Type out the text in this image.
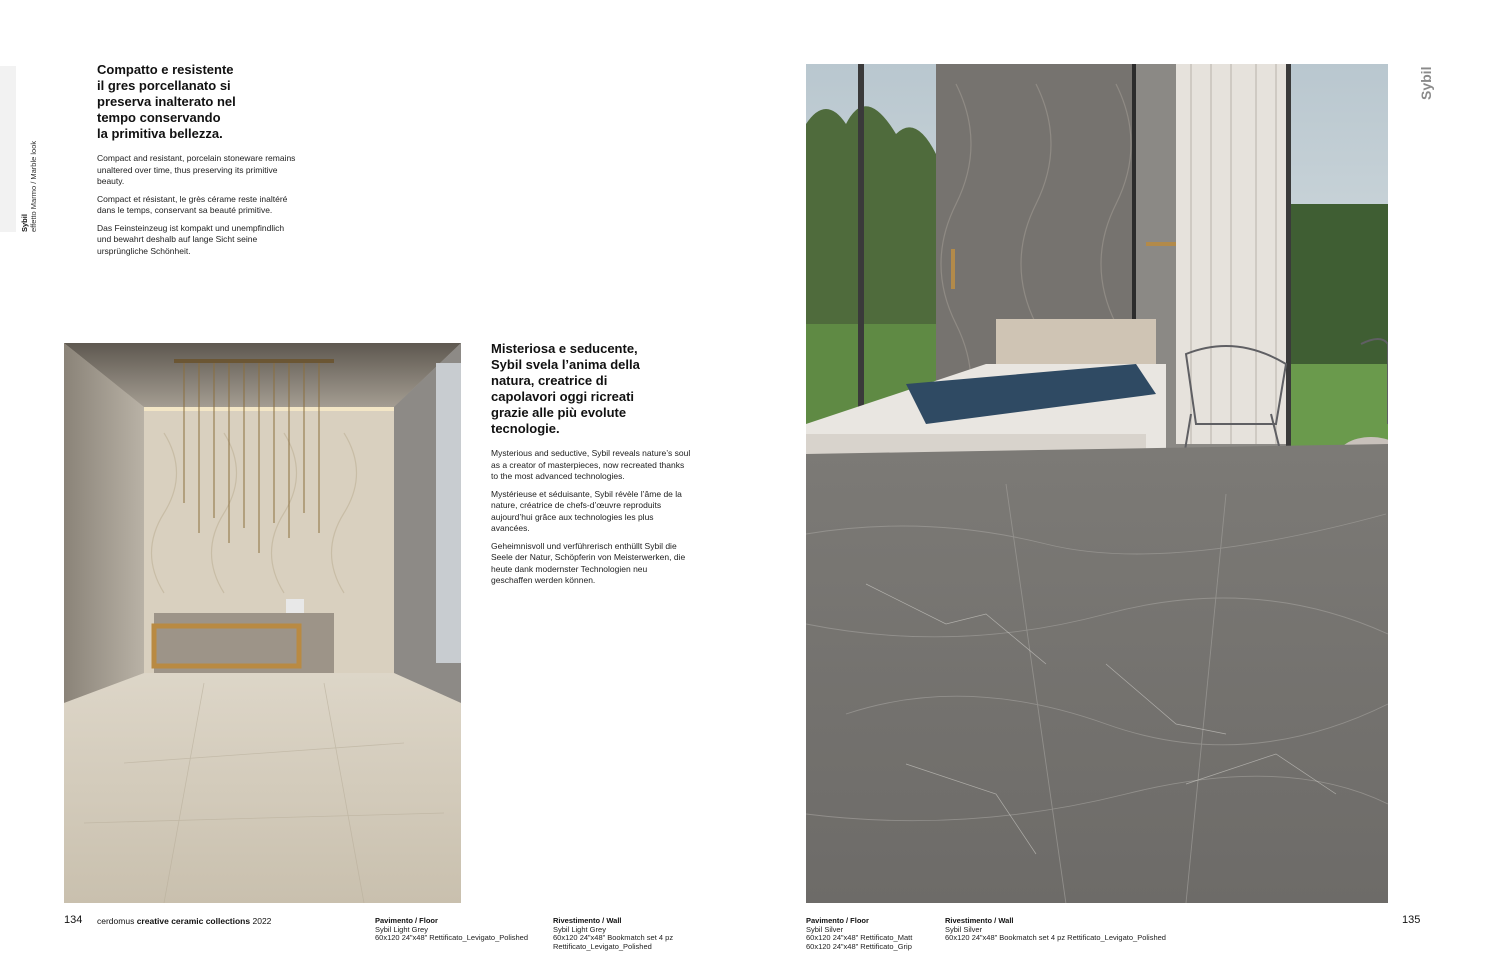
Sybil effetto Marmo / Marble look

Compatto e resistente
il gres porcellanato si
preserva inalterato nel
tempo conservando
la primitiva bellezza.

Compact and resistant, porcelain stoneware remains unaltered over time, thus preserving its primitive beauty.

Compact et résistant, le grès cérame reste inaltéré dans le temps, conservant sa beauté primitive.

Das Feinsteinzeug ist kompakt und unempfindlich und bewahrt deshalb auf lange Sicht seine ursprüngliche Schönheit.

Misteriosa e seducente,
Sybil svela l’anima della
natura, creatrice di
capolavori oggi ricreati
grazie alle più evolute
tecnologie.

Mysterious and seductive, Sybil reveals nature’s soul as a creator of masterpieces, now recreated thanks to the most advanced technologies.

Mystérieuse et séduisante, Sybil révèle l’âme de la nature, créatrice de chefs-d’œuvre reproduits aujourd’hui grâce aux technologies les plus avancées.

Geheimnisvoll und verführerisch enthüllt Sybil die Seele der Natur, Schöpferin von Meisterwerken, die heute dank modernster Technologien neu geschaffen werden können.

Sybil
134 cerdomus creative ceramic collections 2022	Pavimento / Floor
Sybil Light Grey
60x120 24”x48” Rettificato_Levigato_Polished
Rivestimento / Wall
Sybil Light Grey
60x120 24”x48” Bookmatch set 4 pz
Rettificato_Levigato_Polished
Pavimento / Floor
Sybil Silver
60x120 24”x48” Rettificato_Matt
60x120 24”x48” Rettificato_Grip
Rivestimento / Wall
Sybil Silver
60x120 24”x48” Bookmatch set 4 pz Rettificato_Levigato_Polished
135
